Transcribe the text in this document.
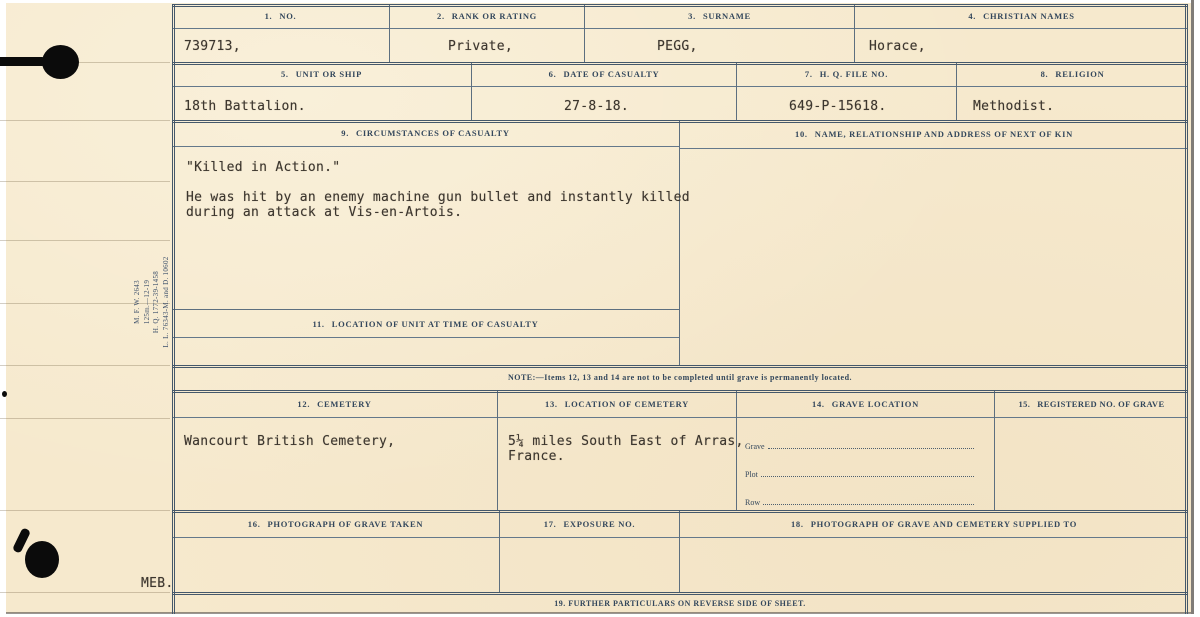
M. F. W. 2643 125m.—12-19 H. Q. 1772-39-1458 L. L. 76343-M. and D. 10602
MEB.
1. NO.
739713,
2. RANK OR RATING
Private,
3. SURNAME
PEGG,
4. CHRISTIAN NAMES
Horace,
5. UNIT OR SHIP
18th Battalion.
6. DATE OF CASUALTY
27-8-18.
7. H. Q. FILE NO.
649-P-15618.
8. RELIGION
Methodist.
9. CIRCUMSTANCES OF CASUALTY
"Killed in Action."
He was hit by an enemy machine gun bullet and instantly killed
during an attack at Vis-en-Artois.
11. LOCATION OF UNIT AT TIME OF CASUALTY
10. NAME, RELATIONSHIP AND ADDRESS OF NEXT OF KIN
NOTE:—Items 12, 13 and 14 are not to be completed until grave is permanently located.
12. CEMETERY
Wancourt British Cemetery,
13. LOCATION OF CEMETERY
5¼ miles South East of Arras,
France.
14. GRAVE LOCATION
Grave
Plot
Row
15. REGISTERED NO. OF GRAVE
16. PHOTOGRAPH OF GRAVE TAKEN	17. EXPOSURE NO.	18. PHOTOGRAPH OF GRAVE AND CEMETERY SUPPLIED TO
19. FURTHER PARTICULARS ON REVERSE SIDE OF SHEET.
